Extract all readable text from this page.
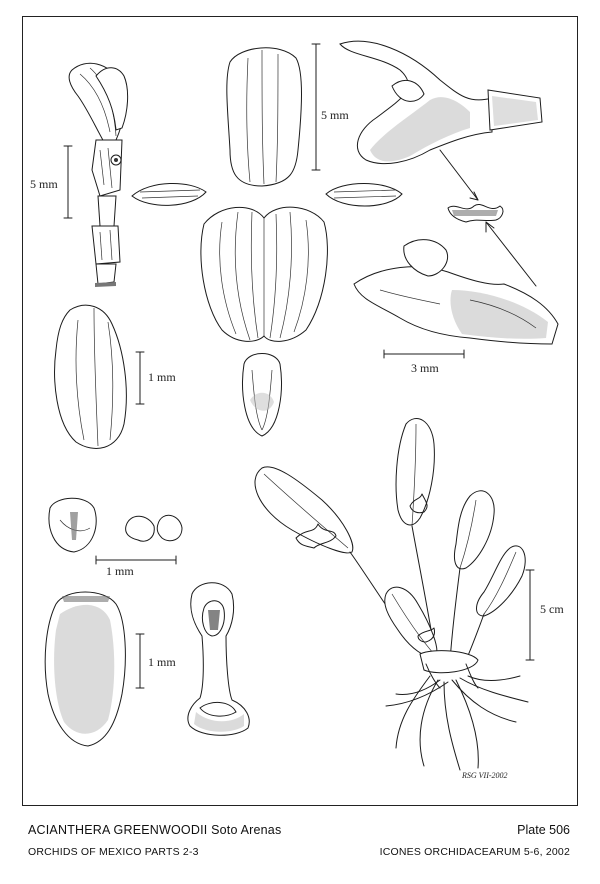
5 mm
5 mm
3 mm
1 mm
1 mm
1 mm
5 cm
RSG VII-2002
ACIANTHERA GREENWOODII Soto Arenas	Plate 506
ORCHIDS OF MEXICO PARTS 2-3	ICONES ORCHIDACEARUM 5-6, 2002
